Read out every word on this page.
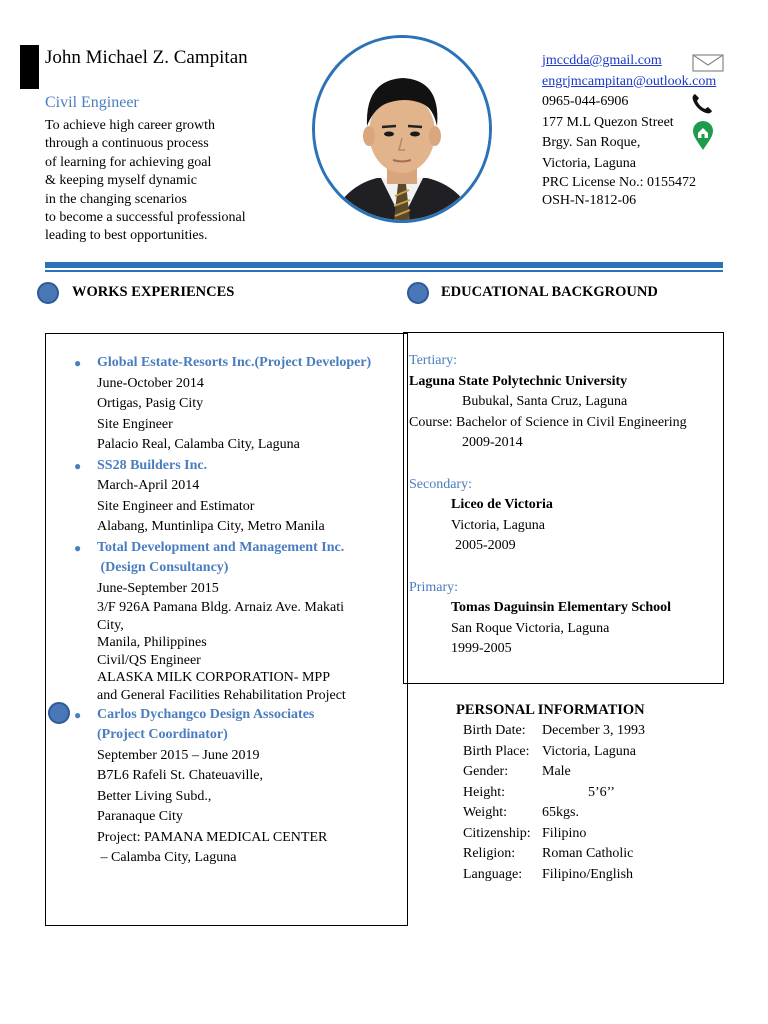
John Michael Z. Campitan
Civil Engineer
To achieve high career growth
through a continuous process
of learning for achieving goal
& keeping myself dynamic
in the changing scenarios
to become a successful professional
leading to best opportunities.
jmccdda@gmail.com
engrjmcampitan@outlook.com
0965-044-6906
177 M.L Quezon Street
Brgy. San Roque,
Victoria, Laguna
PRC License No.: 0155472
OSH-N-1812-06
WORKS EXPERIENCES	EDUCATIONAL BACKGROUND
● Global Estate-Resorts Inc.(Project Developer)
June-October 2014
Ortigas, Pasig City
Site Engineer
Palacio Real, Calamba City, Laguna
● SS28 Builders Inc.
March-April 2014
Site Engineer and Estimator
Alabang, Muntinlipa City, Metro Manila
● Total Development and Management Inc.
(Design Consultancy)
June-September 2015
3/F 926A Pamana Bldg. Arnaiz Ave. Makati
City,
Manila, Philippines
Civil/QS Engineer
ALASKA MILK CORPORATION- MPP
and General Facilities Rehabilitation Project
● Carlos Dychangco Design Associates
(Project Coordinator)
September 2015 – June 2019
B7L6 Rafeli St. Chateuaville,
Better Living Subd.,
Paranaque City
Project: PAMANA MEDICAL CENTER
– Calamba City, Laguna
Tertiary:
Laguna State Polytechnic University
Bubukal, Santa Cruz, Laguna
Course: Bachelor of Science in Civil Engineering
2009-2014
Secondary:
Liceo de Victoria
Victoria, Laguna
2005-2009
Primary:
Tomas Daguinsin Elementary School
San Roque Victoria, Laguna
1999-2005
PERSONAL INFORMATION
Birth Date:	December 3, 1993
Birth Place: Victoria, Laguna
Gender:	Male
Height:	5’6’’
Weight:	65kgs.
Citizenship: Filipino
Religion:	Roman Catholic
Language:	Filipino/English
